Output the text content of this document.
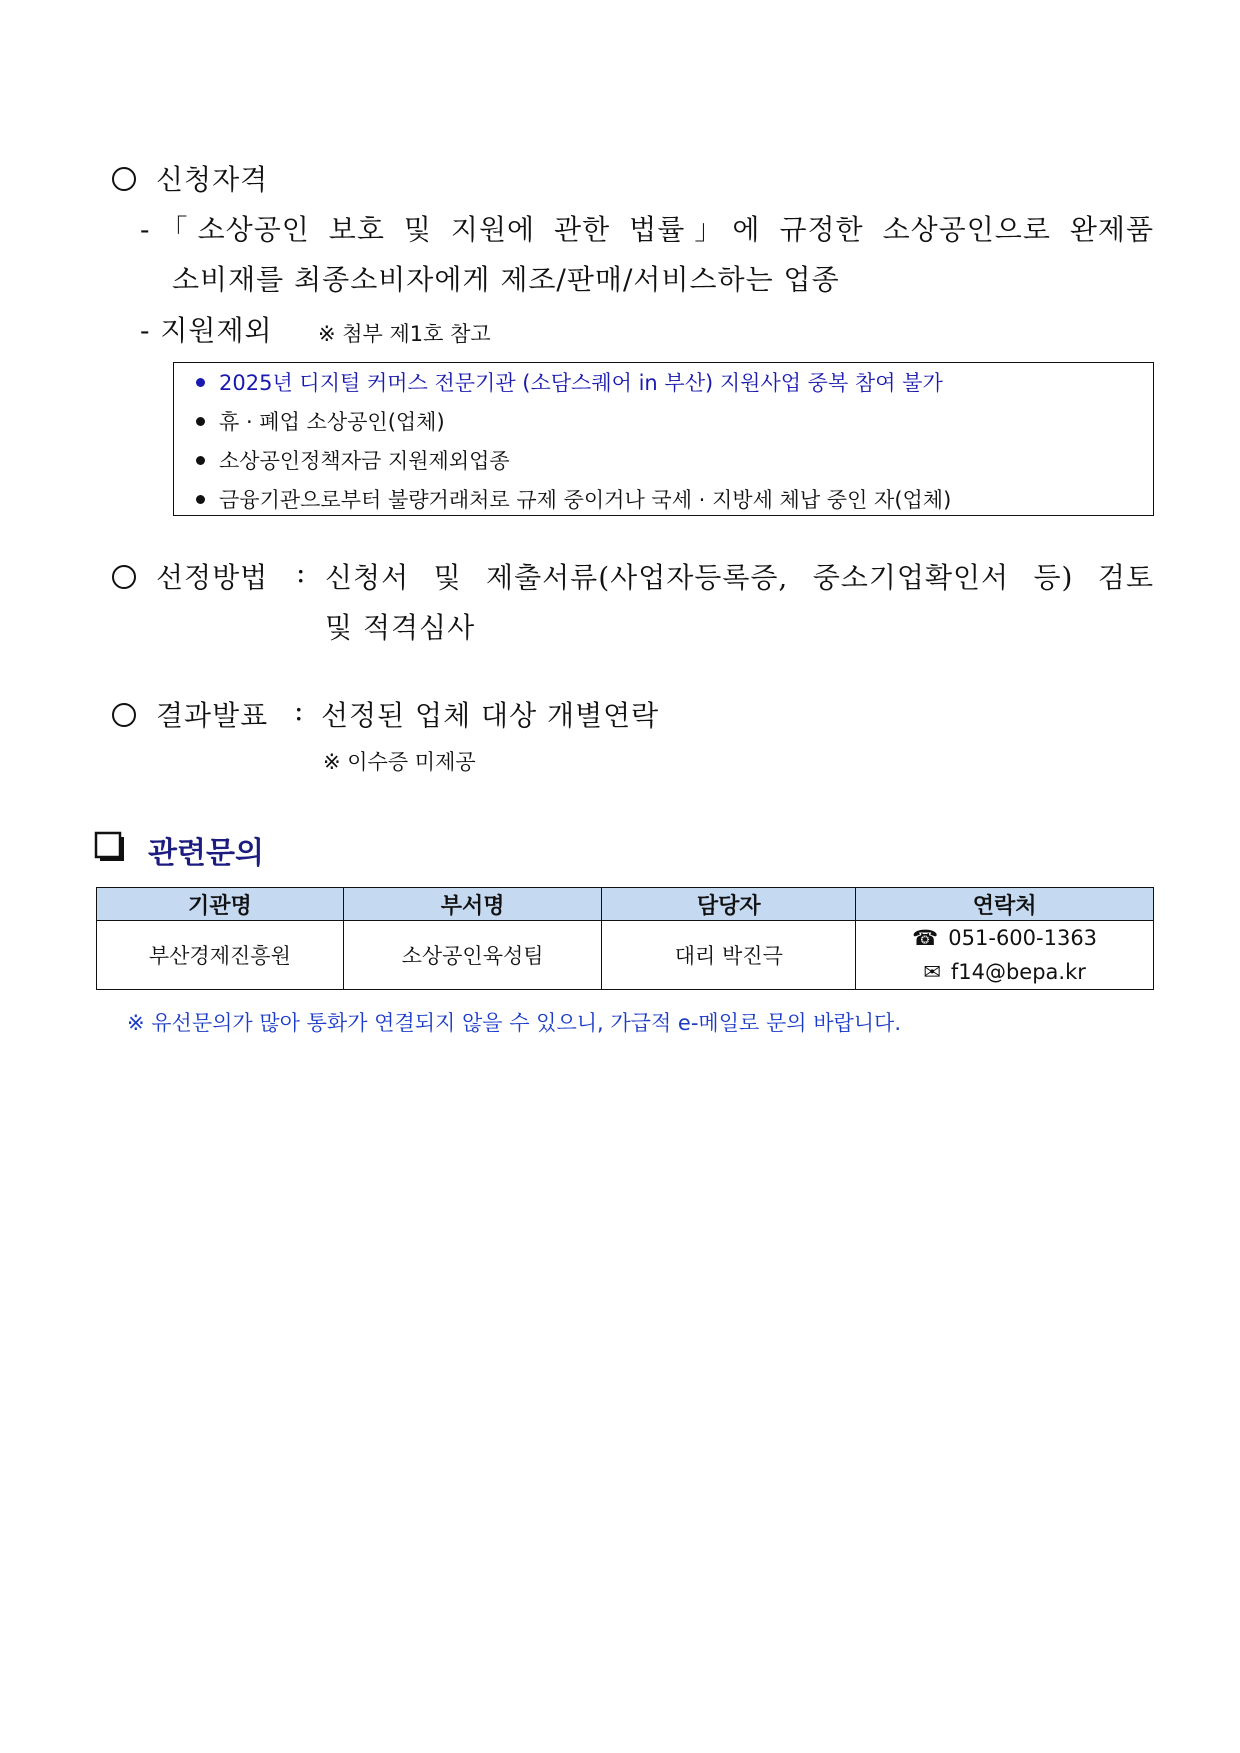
신청자격
-「소상공인 보호 및 지원에 관한 법률」에 규정한 소상공인으로 완제품
소비재를 최종소비자에게 제조/판매/서비스하는 업종
- 지원제외 ※ 첨부 제1호 참고
2025년 디지털 커머스 전문기관 (소담스퀘어 in 부산) 지원사업 중복 참여 불가
휴 · 폐업 소상공인(업체)
소상공인정책자금 지원제외업종
금융기관으로부터 불량거래처로 규제 중이거나 국세 · 지방세 체납 중인 자(업체)
선정방법 : 신청서 및 제출서류(사업자등록증, 중소기업확인서 등) 검토
및 적격심사
결과발표 : 선정된 업체 대상 개별연락
※ 이수증 미제공
관련문의
기관명	부서명	담당자	연락처
부산경제진흥원	소상공인육성팀	대리 박진극	☎ 051-600-1363
✉ f14@bepa.kr
※ 유선문의가 많아 통화가 연결되지 않을 수 있으니, 가급적 e-메일로 문의 바랍니다.
